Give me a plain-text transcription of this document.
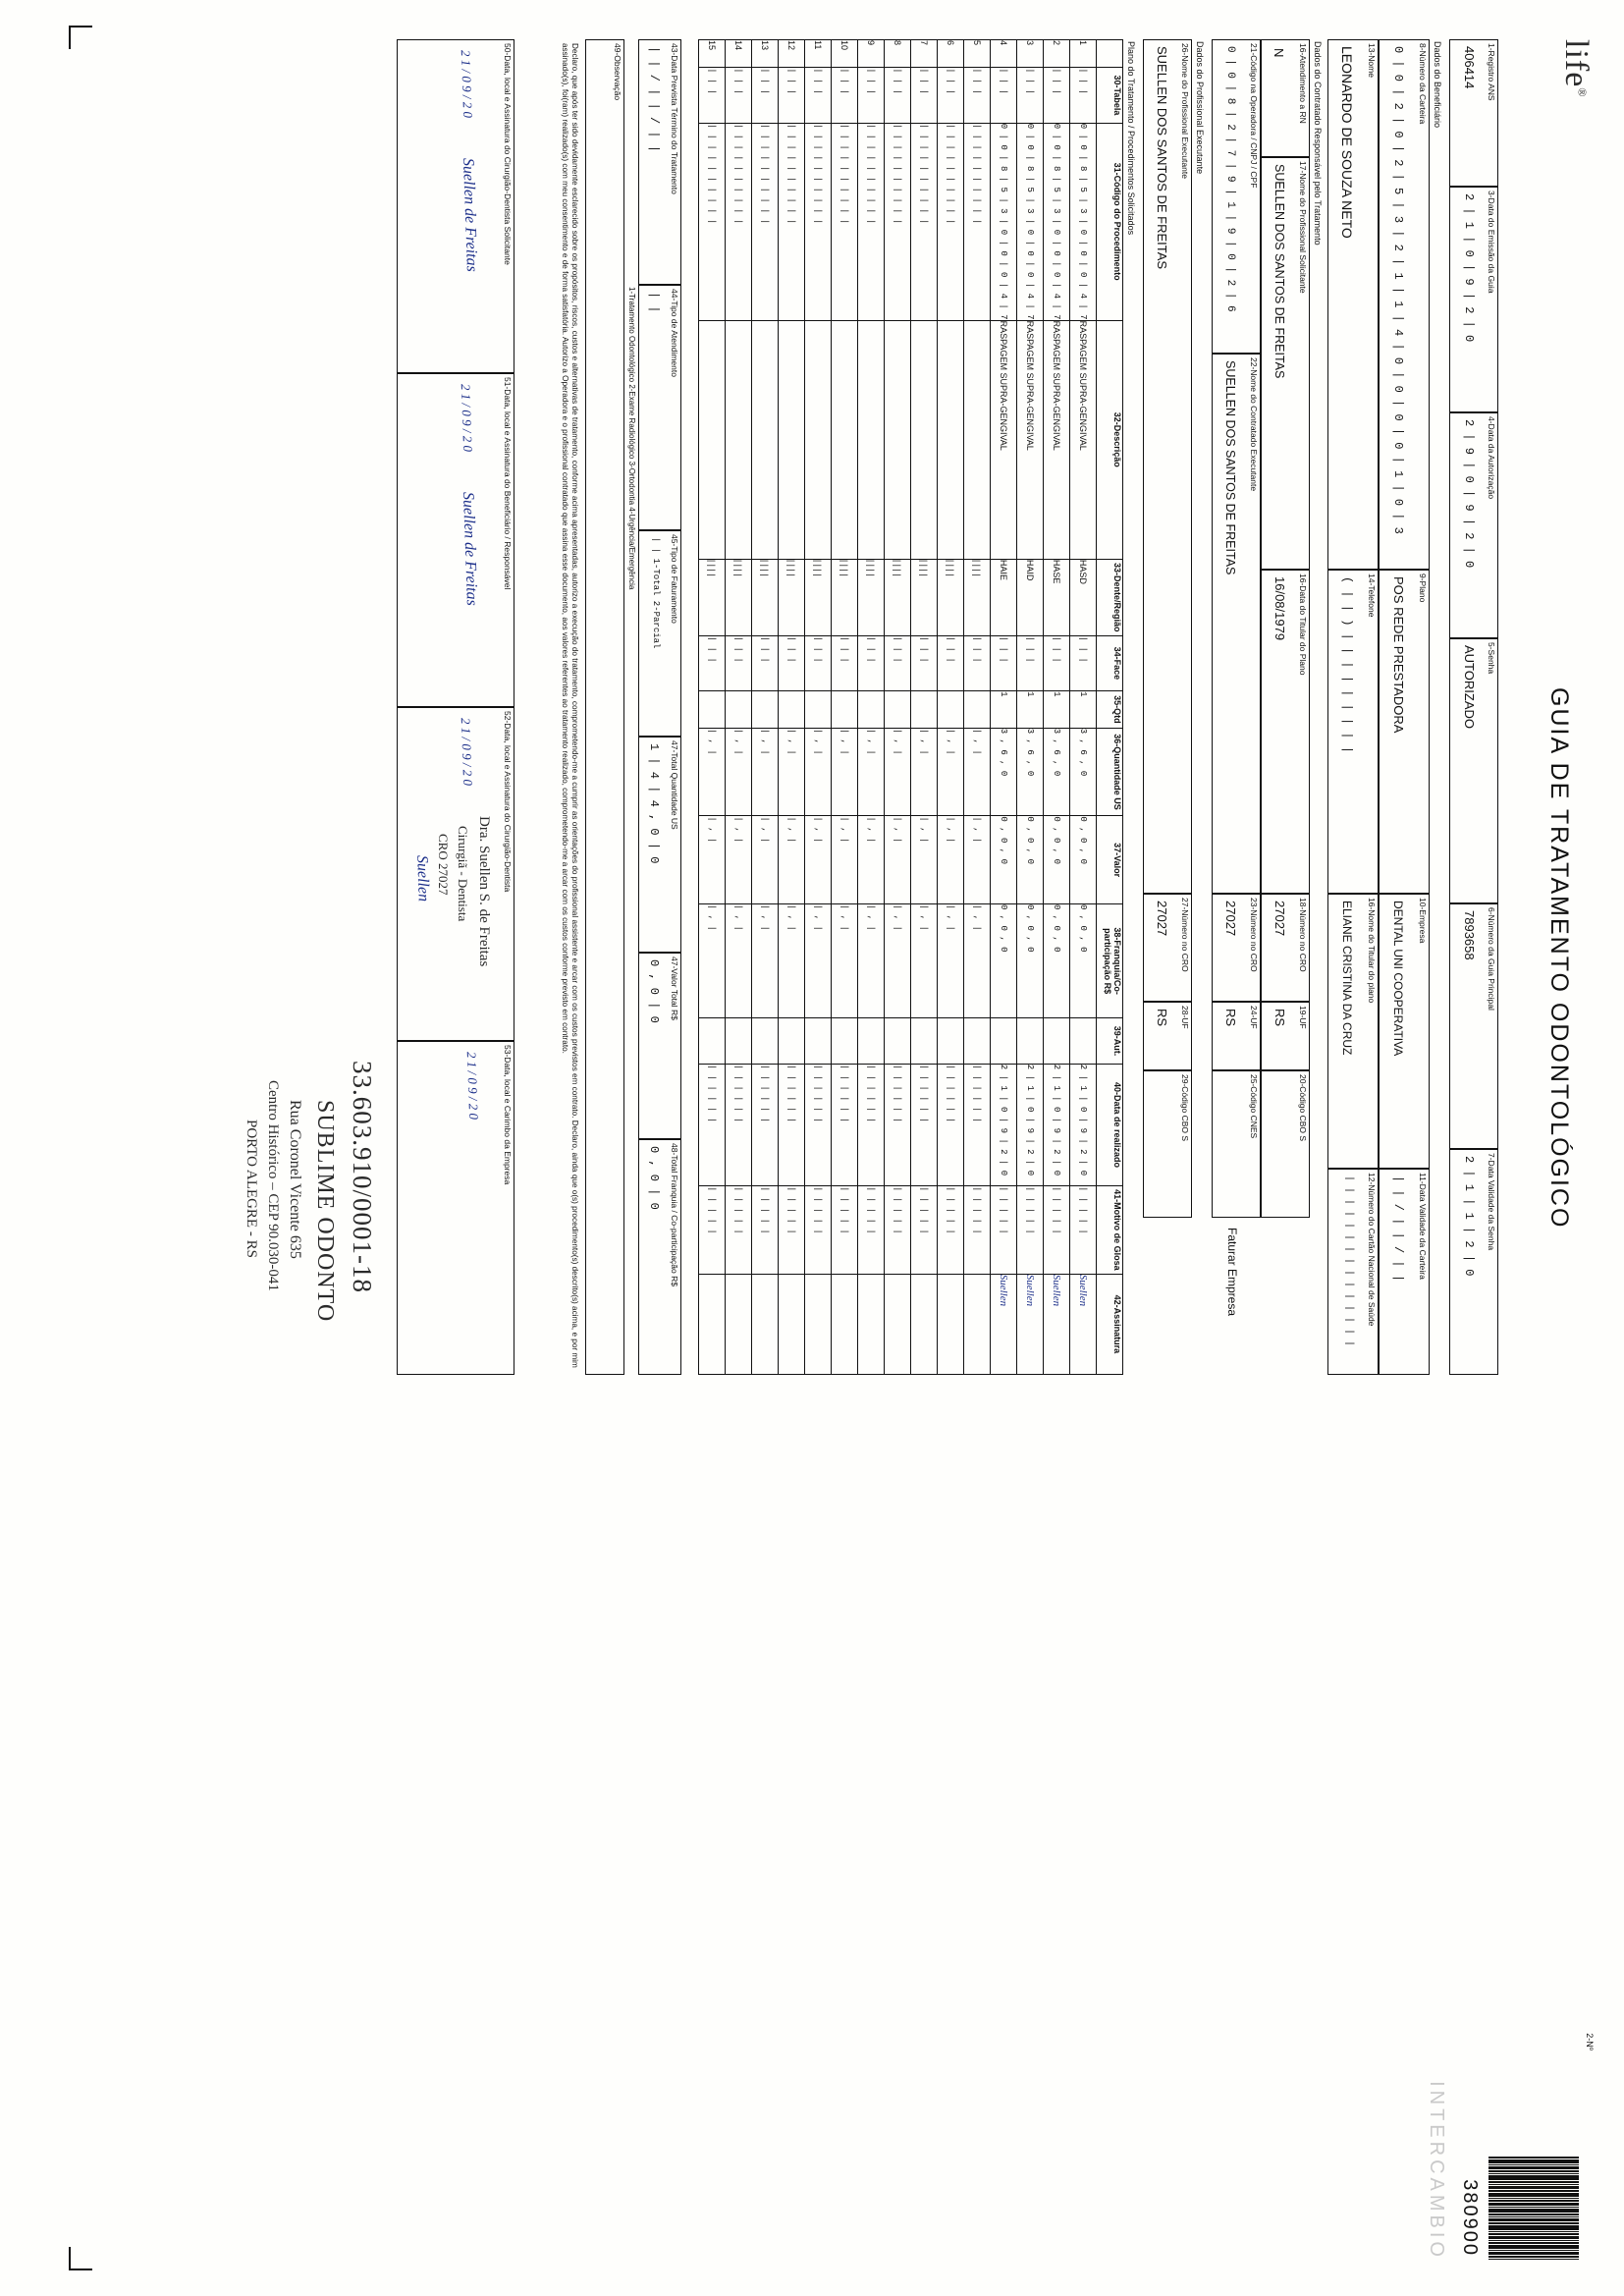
life®
GUIA DE TRATAMENTO ODONTOLÓGICO
2-Nº
380900
INTERCAMBIO
1-Registro ANS
406414
3-Data do Emissão da Guia
2 | 1 | 0 | 9 | 2 | 0
4-Data da Autorização
2 | 9 | 0 | 9 | 2 | 0
5-Senha
AUTORIZADO
6-Número da Guia Principal
7893658
7-Data Validade da Senha
2 | 1 | 1 | 2 | 0
Dados do Beneficiário
8-Número da Carteira
0 | 0 | 2 | 0 | 2 | 5 | 3 | 2 | 1 | 1 | 4 | 0 | 0 | 0 | 0 | 1 | 0 | 3
9-Plano
POS REDE PRESTADORA
10-Empresa
DENTAL UNI COOPERATIVA
11-Data Validade da Carteira
| | / | | / | |
13-Nome
LEONARDO DE SOUZA NETO
14-Telefone
( | | ) | | | | | | | | |
16-Nome do Titular do plano
ELIANE CRISTINA DA CRUZ
12-Número do Cartão Nacional de Saúde
| | | | | | | | | | | | | | |
Dados do Contratado Responsável pelo Tratamento
16-Atendimento a RN
N
17-Nome do Profissional Solicitante
SUELLEN DOS SANTOS DE FREITAS
16-Data do Titular do Plano
16/08/1979
18-Número no CRO
27027
19-UF
RS
20-Código CBO S
21-Código na Operadora / CNPJ / CPF
0 | 0 | 8 | 2 | 7 | 9 | 1 | 9 | 0 | 2 | 6
22-Nome do Contratado Executante
SUELLEN DOS SANTOS DE FREITAS
23-Número no CRO
27027
24-UF
RS
25-Código CNES
Faturar Empresa
Dados do Profissional Executante
26-Nome do Profissional Executante
SUELLEN DOS SANTOS DE FREITAS
27-Número no CRO
27027
28-UF
RS
29-Código CBO S
Plano do Tratamento / Procedimentos Solicitados
	30-Tabela	31-Código do Procedimento	32-Descrição	33-Dente/Região	34-Face	35-Qtd	36-Quantidade US	37-Valor	38-Franquia/Co-participação R$	39-Aut.	40-Data de realizado	41-Motivo de Glosa	42-Assinatura
1	| | |	0 | 0 | 8 | 5 | 3 | 0 | 0 | 0 | 4 | 7	RASPAGEM SUPRA-GENGIVAL	HASD	| | |	1	3 , 6 , 0	0 , 0 , 0	0 , 0 , 0		2 | 1 | 0 | 9 | 2 | 0	| | | | |	Suellen
2	| | |	0 | 0 | 8 | 5 | 3 | 0 | 0 | 0 | 4 | 7	RASPAGEM SUPRA-GENGIVAL	HASE	| | |	1	3 , 6 , 0	0 , 0 , 0	0 , 0 , 0		2 | 1 | 0 | 9 | 2 | 0	| | | | |	Suellen
3	| | |	0 | 0 | 8 | 5 | 3 | 0 | 0 | 0 | 4 | 7	RASPAGEM SUPRA-GENGIVAL	HAID	| | |	1	3 , 6 , 0	0 , 0 , 0	0 , 0 , 0		2 | 1 | 0 | 9 | 2 | 0	| | | | |	Suellen
4	| | |	0 | 0 | 8 | 5 | 3 | 0 | 0 | 0 | 4 | 7	RASPAGEM SUPRA-GENGIVAL	HAIE	| | |	1	3 , 6 , 0	0 , 0 , 0	0 , 0 , 0		2 | 1 | 0 | 9 | 2 | 0	| | | | |	Suellen
5	| | |	| | | | | | | | | |		| | | |	| | |		| , |	| , |	| , |		| | | | | |	| | | | |	
6	| | |	| | | | | | | | | |		| | | |	| | |		| , |	| , |	| , |		| | | | | |	| | | | |	
7	| | |	| | | | | | | | | |		| | | |	| | |		| , |	| , |	| , |		| | | | | |	| | | | |	
8	| | |	| | | | | | | | | |		| | | |	| | |		| , |	| , |	| , |		| | | | | |	| | | | |	
9	| | |	| | | | | | | | | |		| | | |	| | |		| , |	| , |	| , |		| | | | | |	| | | | |	
10	| | |	| | | | | | | | | |		| | | |	| | |		| , |	| , |	| , |		| | | | | |	| | | | |	
11	| | |	| | | | | | | | | |		| | | |	| | |		| , |	| , |	| , |		| | | | | |	| | | | |	
12	| | |	| | | | | | | | | |		| | | |	| | |		| , |	| , |	| , |		| | | | | |	| | | | |	
13	| | |	| | | | | | | | | |		| | | |	| | |		| , |	| , |	| , |		| | | | | |	| | | | |	
14	| | |	| | | | | | | | | |		| | | |	| | |		| , |	| , |	| , |		| | | | | |	| | | | |	
15	| | |	| | | | | | | | | |		| | | |	| | |		| , |	| , |	| , |		| | | | | |	| | | | |	
47-Total Quantidade US
1 | 4 | 4 , 0 | 0
47-Valor Total R$
0 , 0 | 0
48-Total Franquia / Co-participação R$
0 , 0 | 0
43-Data Prevista Término do Tratamento
| | / | | / | |
44-Tipo de Atendimento
| |
45-Tipo de Faturamento
| | 1-Total 2-Parcial
1-Tratamento Odontológico 2-Exame Radiológico 3-Ortodontia 4-Urgência/Emergência
49-Observação
Declaro, que após ter sido devidamente esclarecido sobre os propósitos, riscos, custos e alternativas de tratamento, conforme acima apresentadas, autorizo a execução do tratamento, comprometendo-me a cumprir as orientações do profissional assistente e arcar com os custos previstos em contrato. Declaro, ainda que o(s) procedimento(s) descrito(s) acima, e por mim assinado(s), foi(ram) realizado(s) com meu consentimento e de forma satisfatória. Autorizo a Operadora e o profissional contratado que assina esse documento, aos valores referentes ao tratamento realizado, comprometendo-me a arcar com os custos conforme previsto em contrato.
50-Data, local e Assinatura do Cirurgião-Dentista Solicitante
2 1 / 0 9 / 2 0
Suellen de Freitas
51-Data, local e Assinatura do Beneficiário / Responsável
2 1 / 0 9 / 2 0
Suellen de Freitas
52-Data, local e Assinatura do Cirurgião-Dentista
2 1 / 0 9 / 2 0
Dra. Suellen S. de Freitas
Cirurgiã - Dentista
CRO 27027
Suellen
53-Data, local e Carimbo da Empresa
2 1 / 0 9 / 2 0
33.603.910/0001-18
SUBLIME ODONTO
Rua Coronel Vicente 635
Centro Histórico – CEP 90.030-041
PORTO ALEGRE - RS
